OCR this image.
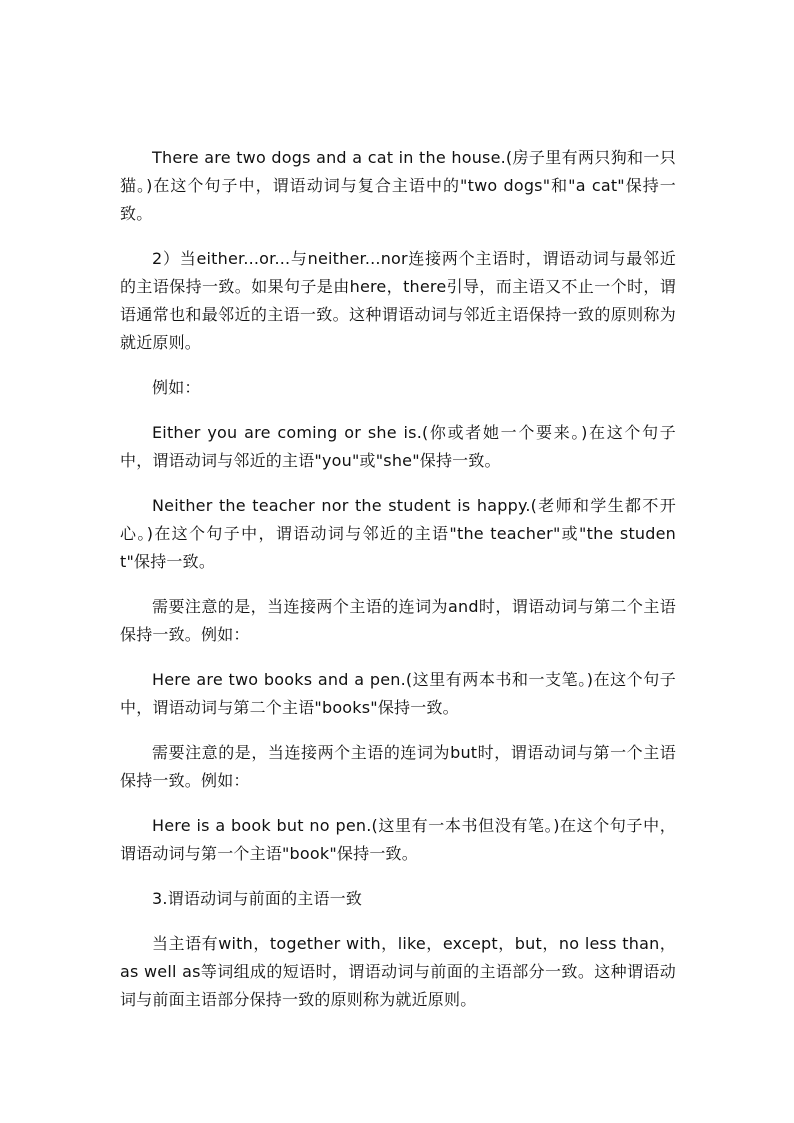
There are two dogs and a cat in the house.(房子里有两只狗和一只猫。)在这个句子中，谓语动词与复合主语中的"two dogs"和"a cat"保持一致。

2）当either...or...与neither...nor连接两个主语时，谓语动词与最邻近的主语保持一致。如果句子是由here，there引导，而主语又不止一个时，谓语通常也和最邻近的主语一致。这种谓语动词与邻近主语保持一致的原则称为就近原则。

例如：

Either you are coming or she is.(你或者她一个要来。)在这个句子中，谓语动词与邻近的主语"you"或"she"保持一致。

Neither the teacher nor the student is happy.(老师和学生都不开心。)在这个句子中，谓语动词与邻近的主语"the teacher"或"the student"保持一致。

需要注意的是，当连接两个主语的连词为and时，谓语动词与第二个主语保持一致。例如：

Here are two books and a pen.(这里有两本书和一支笔。)在这个句子中，谓语动词与第二个主语"books"保持一致。

需要注意的是，当连接两个主语的连词为but时，谓语动词与第一个主语保持一致。例如：

Here is a book but no pen.(这里有一本书但没有笔。)在这个句子中，谓语动词与第一个主语"book"保持一致。

3.谓语动词与前面的主语一致

当主语有with，together with，like，except，but，no less than，as well as等词组成的短语时，谓语动词与前面的主语部分一致。这种谓语动词与前面主语部分保持一致的原则称为就近原则。
